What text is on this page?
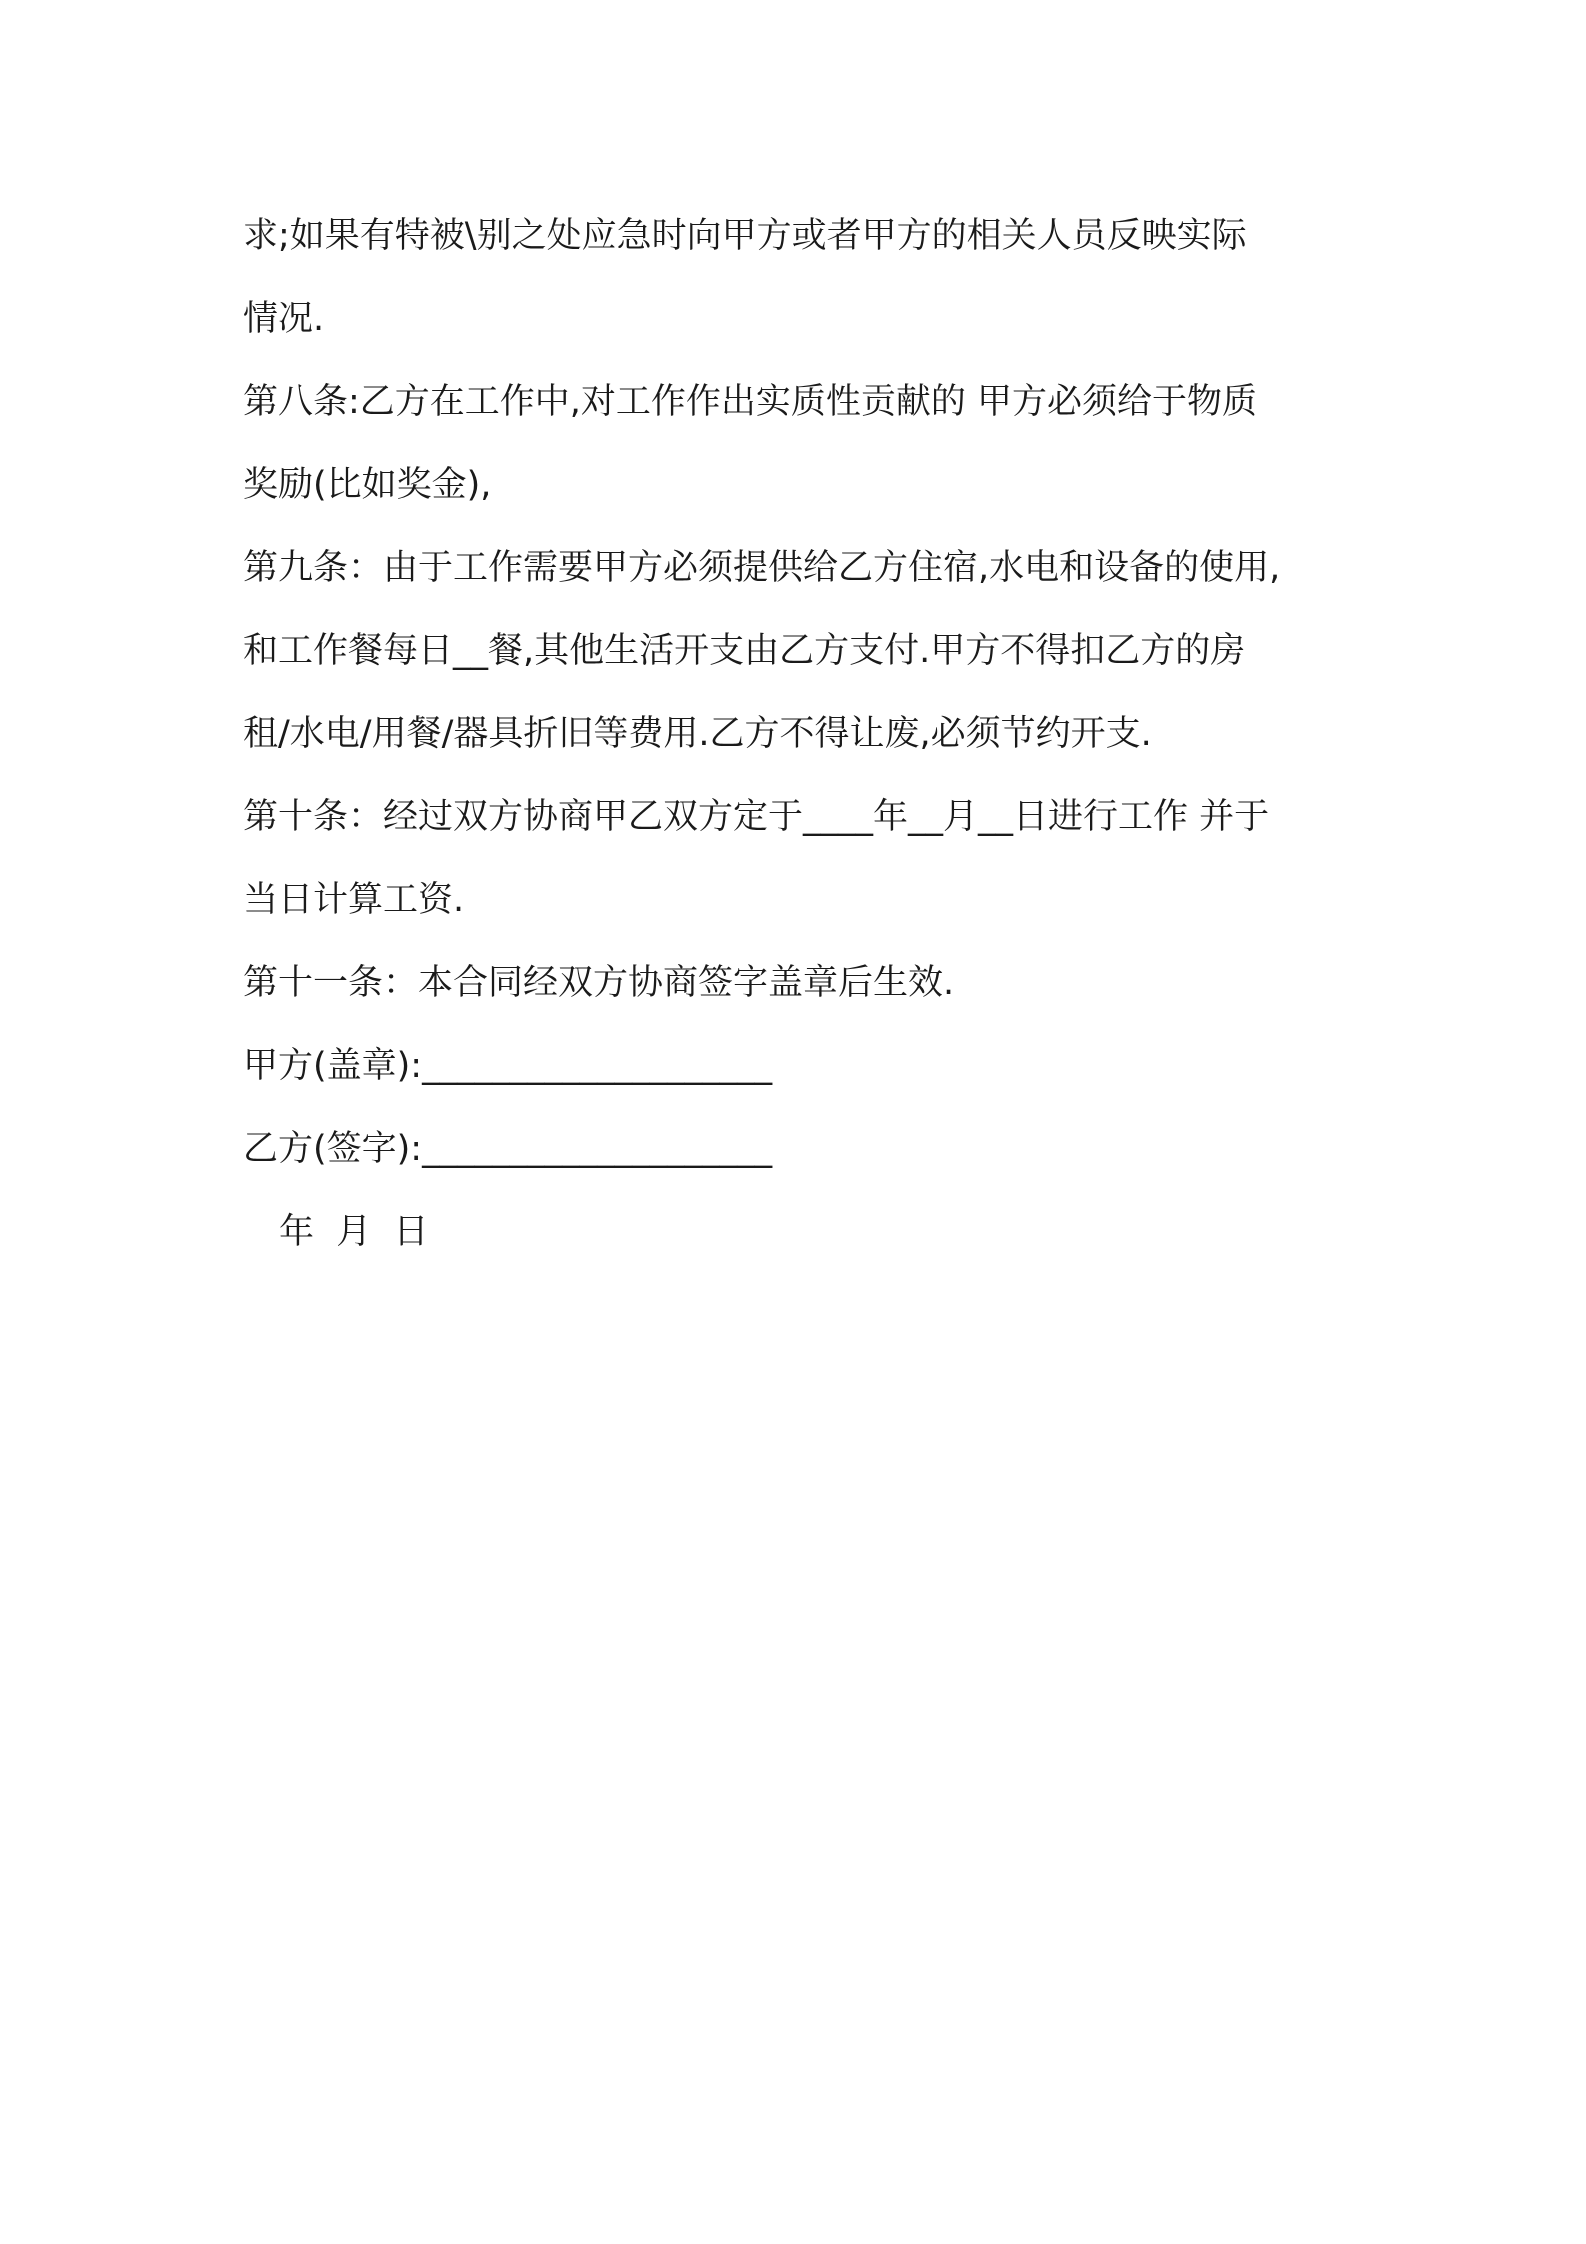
求;如果有特被\别之处应急时向甲方或者甲方的相关人员反映实际
情况.

第八条:乙方在工作中,对工作作出实质性贡献的 甲方必须给于物质
奖励(比如奖金),

第九条：由于工作需要甲方必须提供给乙方住宿,水电和设备的使用,
和工作餐每日__餐,其他生活开支由乙方支付.甲方不得扣乙方的房
租/水电/用餐/器具折旧等费用.乙方不得让废,必须节约开支.

第十条：经过双方协商甲乙双方定于____年__月__日进行工作 并于
当日计算工资.

第十一条：本合同经双方协商签字盖章后生效.

甲方(盖章):____________________

乙方(签字):____________________

年  月  日
